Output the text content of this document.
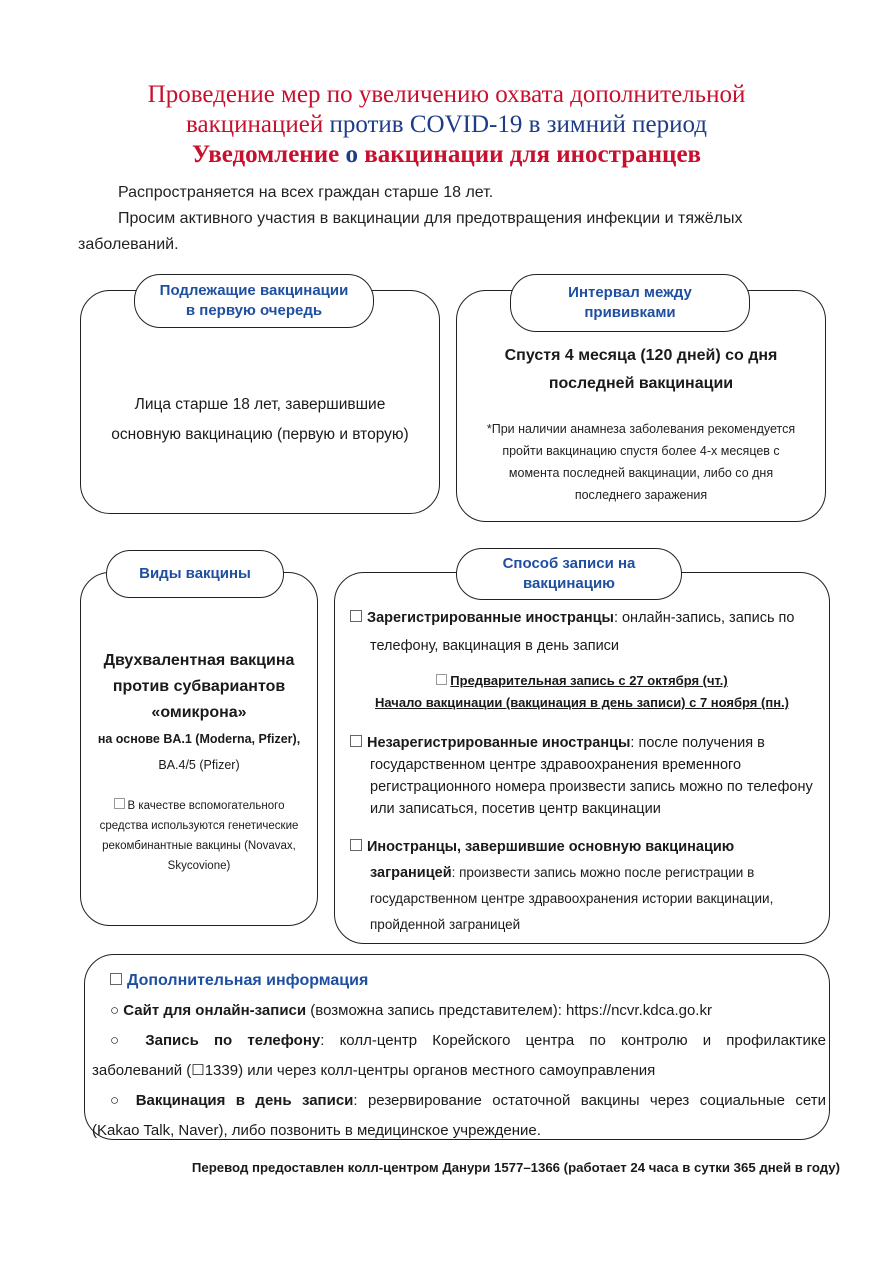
Проведение мер по увеличению охвата дополнительной
вакцинацией против COVID-19 в зимний период
Уведомление о вакцинации для иностранцев
Распространяется на всех граждан старше 18 лет.
Просим активного участия в вакцинации для предотвращения инфекции и тяжёлых
заболеваний.
Подлежащие вакцинации
в первую очередь
Лица старше 18 лет, завершившие
основную вакцинацию (первую и вторую)
Интервал между
прививками
Спустя 4 месяца (120 дней) со дня
последней вакцинации
*При наличии анамнеза заболевания рекомендуется
пройти вакцинацию спустя более 4-х месяцев с
момента последней вакцинации, либо со дня
последнего заражения
Виды вакцины
Двухвалентная вакцина
против субвариантов
«омикрона»
на основе BA.1 (Moderna, Pfizer),
BA.4/5 (Pfizer)
В качестве вспомогательного
средства используются генетические
рекомбинантные вакцины (Novavax,
Skycovione)
Способ записи на
вакцинацию
Зарегистрированные иностранцы: онлайн-запись, запись по
телефону, вакцинация в день записи
Предварительная запись с 27 октября (чт.)
Начало вакцинации (вакцинация в день записи) с 7 ноября (пн.)
Незарегистрированные иностранцы: после получения в
государственном центре здравоохранения временного
регистрационного номера произвести запись можно по телефону
или записаться, посетив центр вакцинации
Иностранцы, завершившие основную вакцинацию
заграницей: произвести запись можно после регистрации в
государственном центре здравоохранения истории вакцинации,
пройденной заграницей
Дополнительная информация
○ Сайт для онлайн-записи (возможна запись представителем): https://ncvr.kdca.go.kr
○ Запись по телефону: колл-центр Корейского центра по контролю и профилактике
заболеваний (☐1339) или через колл-центры органов местного самоуправления
○ Вакцинация в день записи: резервирование остаточной вакцины через социальные сети
(Kakao Talk, Naver), либо позвонить в медицинское учреждение.
Перевод предоставлен колл-центром Данури 1577–1366 (работает 24 часа в сутки 365 дней в году)
